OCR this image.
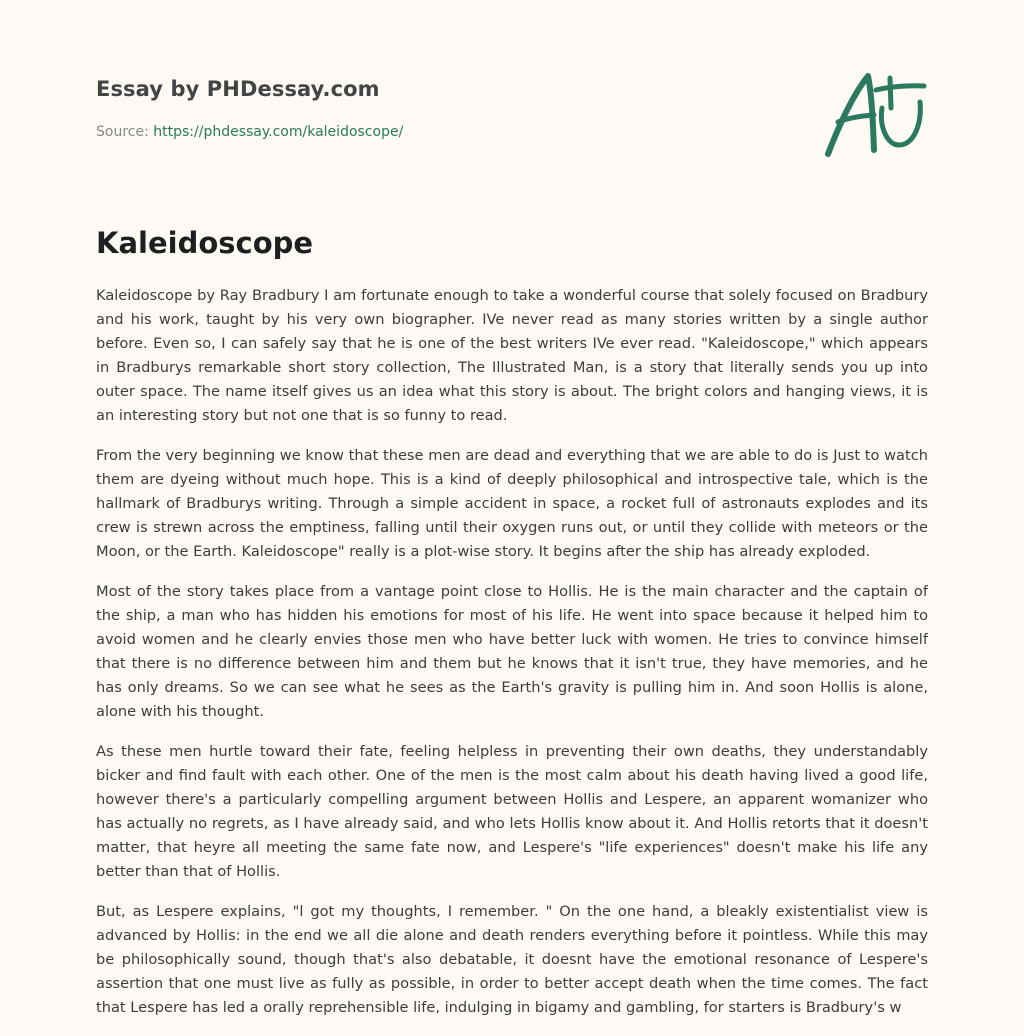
Essay by PHDessay.com
Source: https://phdessay.com/kaleidoscope/
Kaleidoscope

Kaleidoscope by Ray Bradbury I am fortunate enough to take a wonderful course that solely focused on Bradbury and his work, taught by his very own biographer. IVe never read as many stories written by a single author before. Even so, I can safely say that he is one of the best writers IVe ever read. "Kaleidoscope," which appears in Bradburys remarkable short story collection, The Illustrated Man, is a story that literally sends you up into outer space. The name itself gives us an idea what this story is about. The bright colors and hanging views, it is an interesting story but not one that is so funny to read.

From the very beginning we know that these men are dead and everything that we are able to do is Just to watch them are dyeing without much hope. This is a kind of deeply philosophical and introspective tale, which is the hallmark of Bradburys writing. Through a simple accident in space, a rocket full of astronauts explodes and its crew is strewn across the emptiness, falling until their oxygen runs out, or until they collide with meteors or the Moon, or the Earth. Kaleidoscope" really is a plot-wise story. It begins after the ship has already exploded.

Most of the story takes place from a vantage point close to Hollis. He is the main character and the captain of the ship, a man who has hidden his emotions for most of his life. He went into space because it helped him to avoid women and he clearly envies those men who have better luck with women. He tries to convince himself that there is no difference between him and them but he knows that it isn't true, they have memories, and he has only dreams. So we can see what he sees as the Earth's gravity is pulling him in. And soon Hollis is alone, alone with his thought.

As these men hurtle toward their fate, feeling helpless in preventing their own deaths, they understandably bicker and find fault with each other. One of the men is the most calm about his death having lived a good life, however there's a particularly compelling argument between Hollis and Lespere, an apparent womanizer who has actually no regrets, as I have already said, and who lets Hollis know about it. And Hollis retorts that it doesn't matter, that heyre all meeting the same fate now, and Lespere's "life experiences" doesn't make his life any better than that of Hollis.

But, as Lespere explains, "l got my thoughts, I remember. " On the one hand, a bleakly existentialist view is advanced by Hollis: in the end we all die alone and death renders everything before it pointless. While this may be philosophically sound, though that's also debatable, it doesnt have the emotional resonance of Lespere's assertion that one must live as fully as possible, in order to better accept death when the time comes. The fact that Lespere has led a orally reprehensible life, indulging in bigamy and gambling, for starters is Bradbury's w
